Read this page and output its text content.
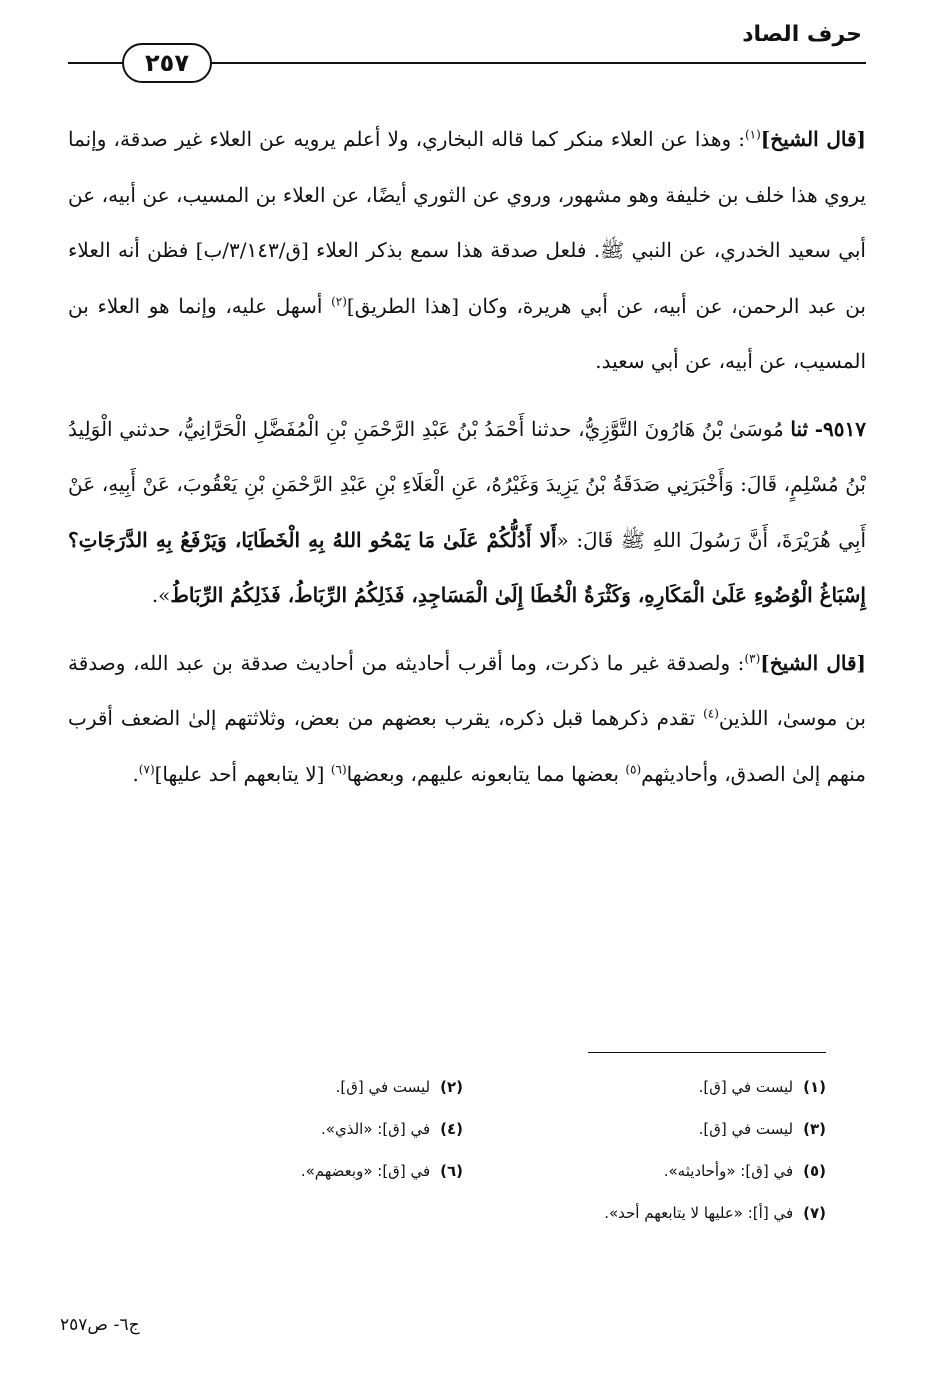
حرف الصاد
٢٥٧

[قال الشيخ]$^{(١)}$: وهذا عن العلاء منكر كما قاله البخاري، ولا أعلم يرويه عن العلاء غير صدقة، وإنما يروي هذا خلف بن خليفة وهو مشهور، وروي عن الثوري أيضًا، عن العلاء بن المسيب، عن أبيه، عن أبي سعيد الخدري، عن النبي ﷺ. فلعل صدقة هذا سمع بذكر العلاء [ق/٣/١٤٣/ب] فظن أنه العلاء بن عبد الرحمن، عن أبيه، عن أبي هريرة، وكان [هذا الطريق]$^{(٢)}$ أسهل عليه، وإنما هو العلاء بن المسيب، عن أبيه، عن أبي سعيد.

٩٥١٧- ثنا مُوسَىٰ بْنُ هَارُونَ التَّوَّزِيُّ، حدثنا أَحْمَدُ بْنُ عَبْدِ الرَّحْمَنِ بْنِ الْمُفَضَّلِ الْحَرَّانِيُّ، حدثني الْوَلِيدُ بْنُ مُسْلِمٍ، قَالَ: وَأَخْبَرَنِي صَدَقَةُ بْنُ يَزِيدَ وَغَيْرُهُ، عَنِ الْعَلَاءِ بْنِ عَبْدِ الرَّحْمَنِ بْنِ يَعْقُوبَ، عَنْ أَبِيهِ، عَنْ أَبِي هُرَيْرَةَ، أَنَّ رَسُولَ اللهِ ﷺ قَالَ: «أَلا أَدُلُّكُمْ عَلَىٰ مَا يَمْحُو اللهُ بِهِ الْخَطَايَا، وَيَرْفَعُ بِهِ الدَّرَجَاتِ؟ إِسْبَاغُ الْوُضُوءِ عَلَىٰ الْمَكَارِهِ، وَكَثْرَةُ الْخُطَا إِلَىٰ الْمَسَاجِدِ، فَذَلِكُمُ الرِّبَاطُ، فَذَلِكُمُ الرِّبَاطُ».

[قال الشيخ]$^{(٣)}$: ولصدقة غير ما ذكرت، وما أقرب أحاديثه من أحاديث صدقة بن عبد الله، وصدقة بن موسىٰ، اللذين$^{(٤)}$ تقدم ذكرهما قبل ذكره، يقرب بعضهم من بعض، وثلاثتهم إلىٰ الضعف أقرب منهم إلىٰ الصدق، وأحاديثهم$^{(٥)}$ بعضها مما يتابعونه عليهم، وبعضها$^{(٦)}$ [لا يتابعهم أحد عليها]$^{(٧)}$.

(١)ليست في [ق].
(٢)ليست في [ق].
(٣)ليست في [ق].
(٤)في [ق]: «الذي».
(٥)في [ق]: «وأحاديثه».
(٦)في [ق]: «وبعضهم».
(٧)في [أ]: «عليها لا يتابعهم أحد».
ج٦- ص٢٥٧
